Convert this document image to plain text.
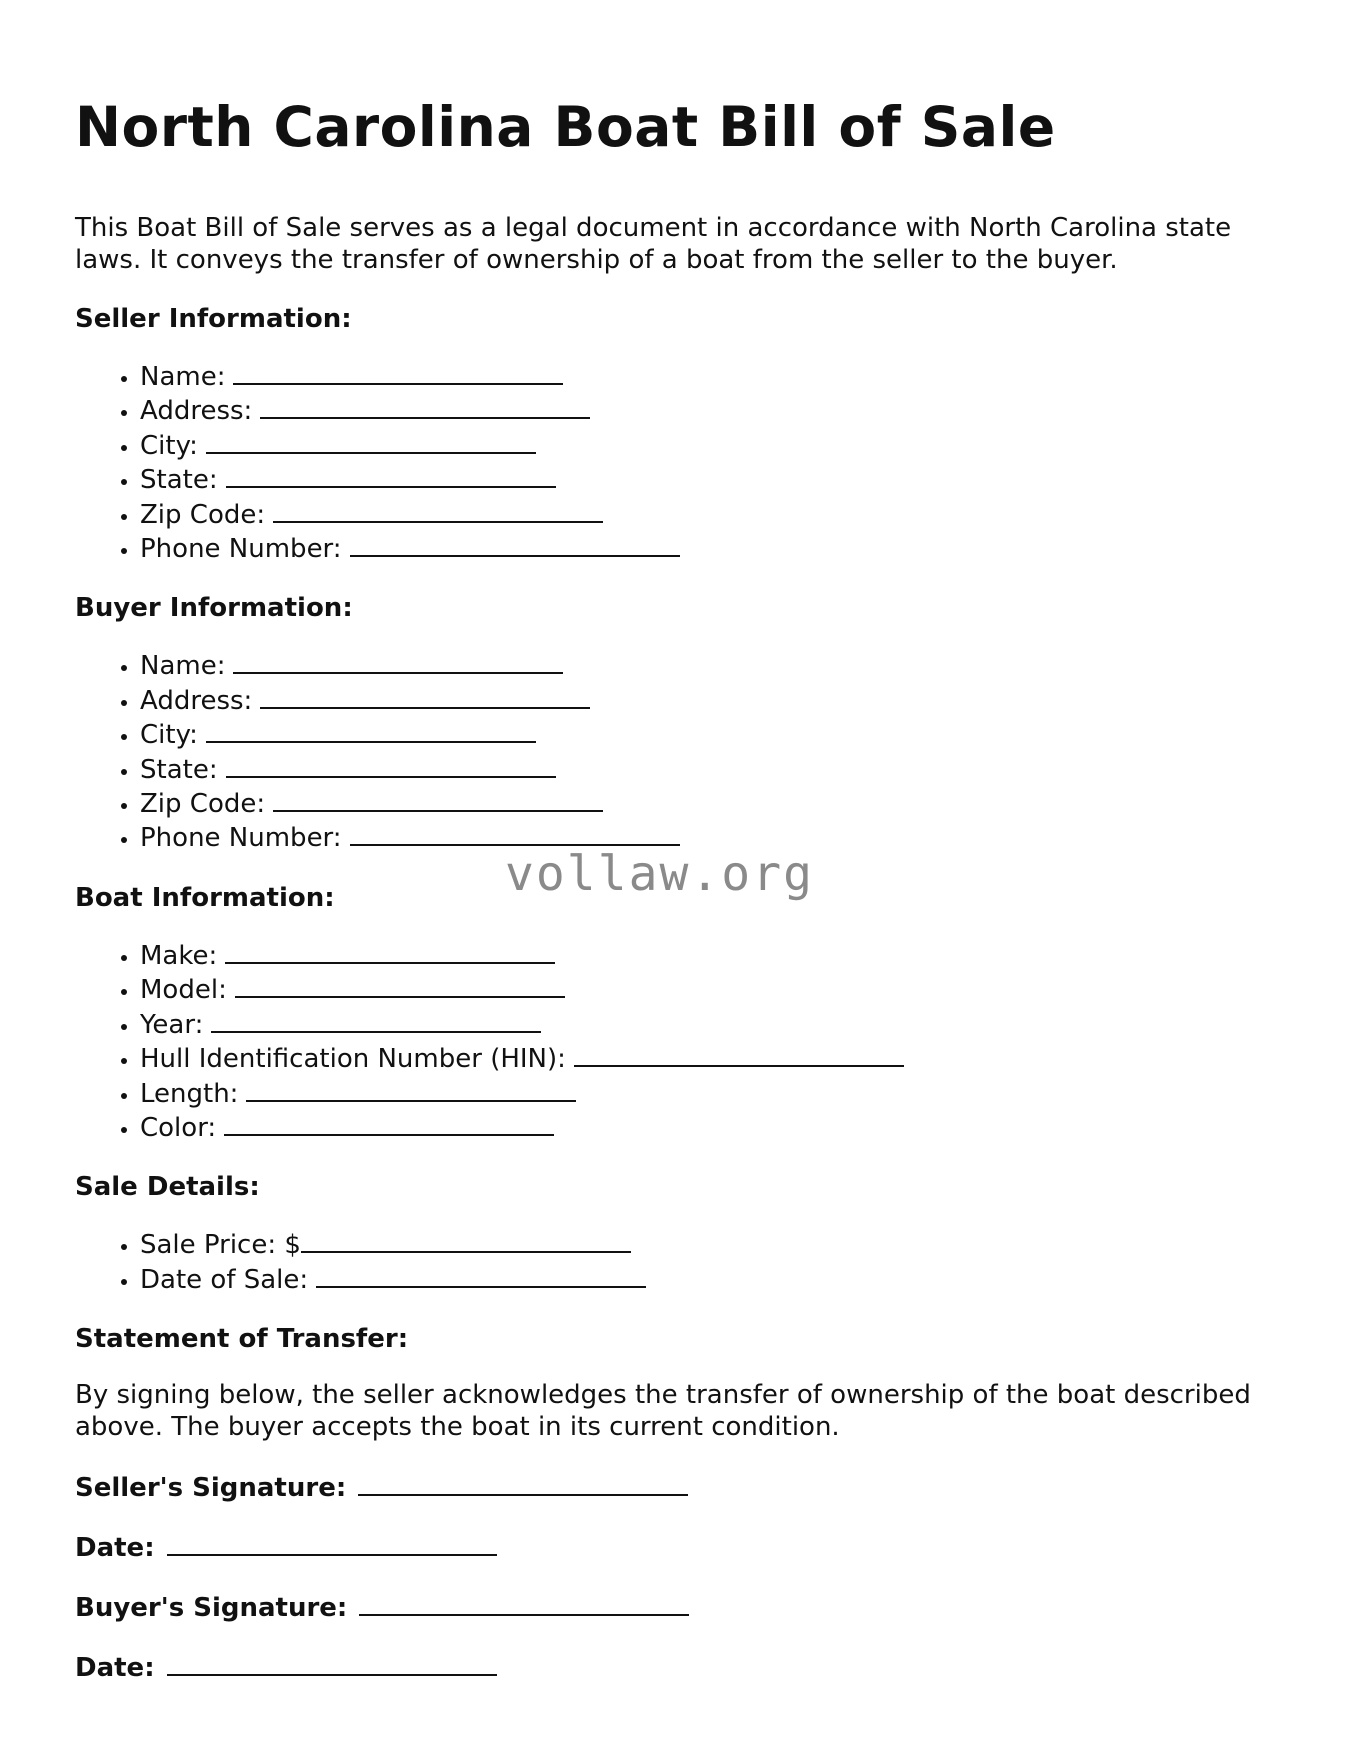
North Carolina Boat Bill of Sale

This Boat Bill of Sale serves as a legal document in accordance with North Carolina state laws. It conveys the transfer of ownership of a boat from the seller to the buyer.

Seller Information:
• Name:
• Address:
• City:
• State:
• Zip Code:
• Phone Number:
Buyer Information:
• Name:
• Address:
• City:
• State:
• Zip Code:
• Phone Number:
Boat Information:
• Make:
• Model:
• Year:
• Hull Identification Number (HIN):
• Length:
• Color:
Sale Details:
• Sale Price: $
• Date of Sale:
Statement of Transfer:

By signing below, the seller acknowledges the transfer of ownership of the boat described above. The buyer accepts the boat in its current condition.

Seller's Signature:
Date:
Buyer's Signature:
Date:
vollaw.org
